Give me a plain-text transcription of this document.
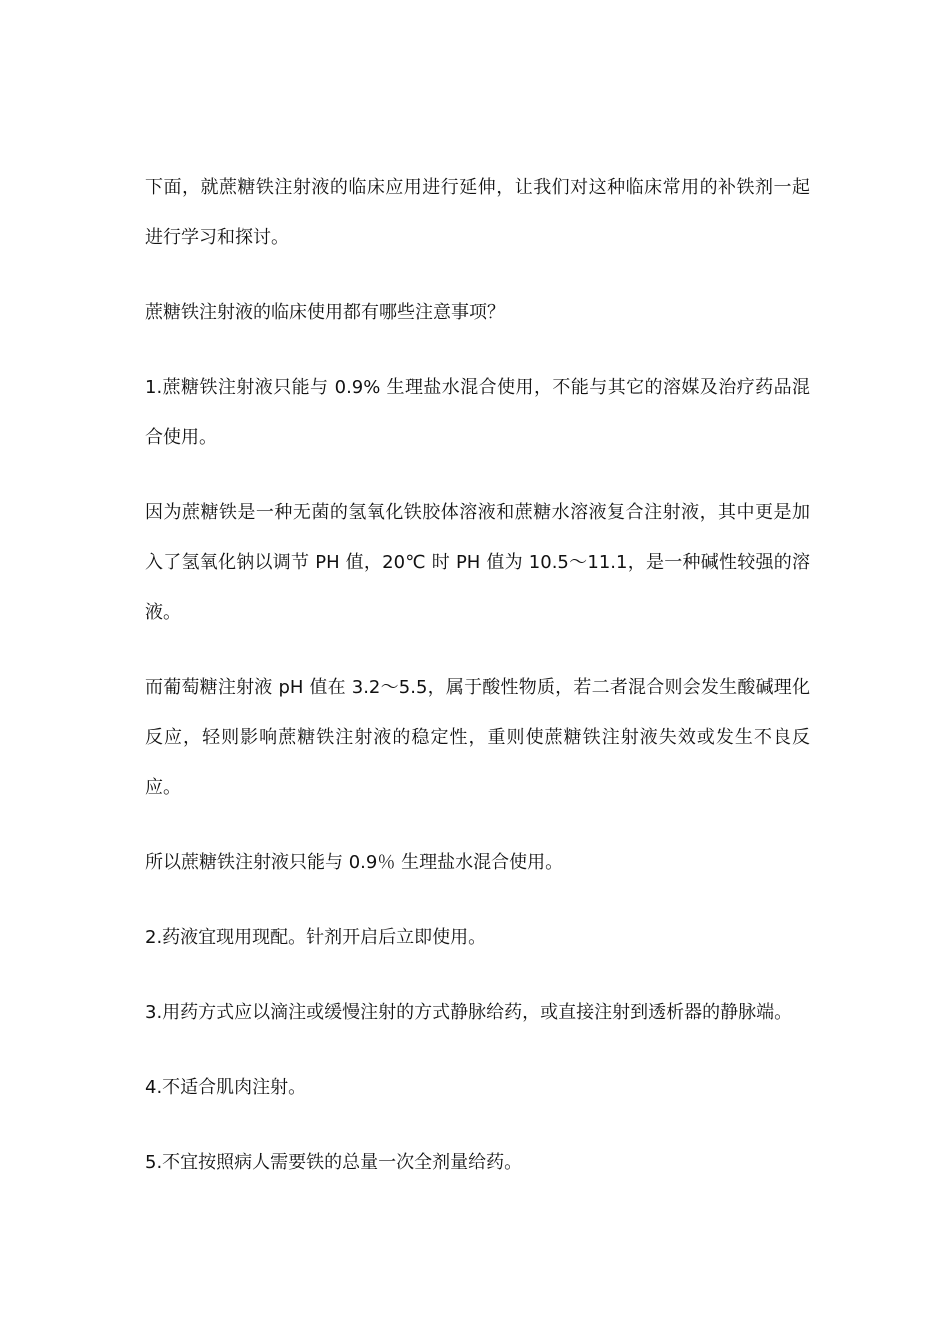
下面，就蔗糖铁注射液的临床应用进行延伸，让我们对这种临床常用的补铁剂一起进行学习和探讨。

蔗糖铁注射液的临床使用都有哪些注意事项？

1.蔗糖铁注射液只能与 0.9% 生理盐水混合使用，不能与其它的溶媒及治疗药品混合使用。

因为蔗糖铁是一种无菌的氢氧化铁胶体溶液和蔗糖水溶液复合注射液，其中更是加入了氢氧化钠以调节 PH 值，20℃ 时 PH 值为 10.5～11.1，是一种碱性较强的溶液。

而葡萄糖注射液 pH 值在 3.2～5.5，属于酸性物质，若二者混合则会发生酸碱理化反应，轻则影响蔗糖铁注射液的稳定性，重则使蔗糖铁注射液失效或发生不良反应。

所以蔗糖铁注射液只能与 0.9％ 生理盐水混合使用。

2.药液宜现用现配。针剂开启后立即使用。

3.用药方式应以滴注或缓慢注射的方式静脉给药，或直接注射到透析器的静脉端。

4.不适合肌肉注射。

5.不宜按照病人需要铁的总量一次全剂量给药。
